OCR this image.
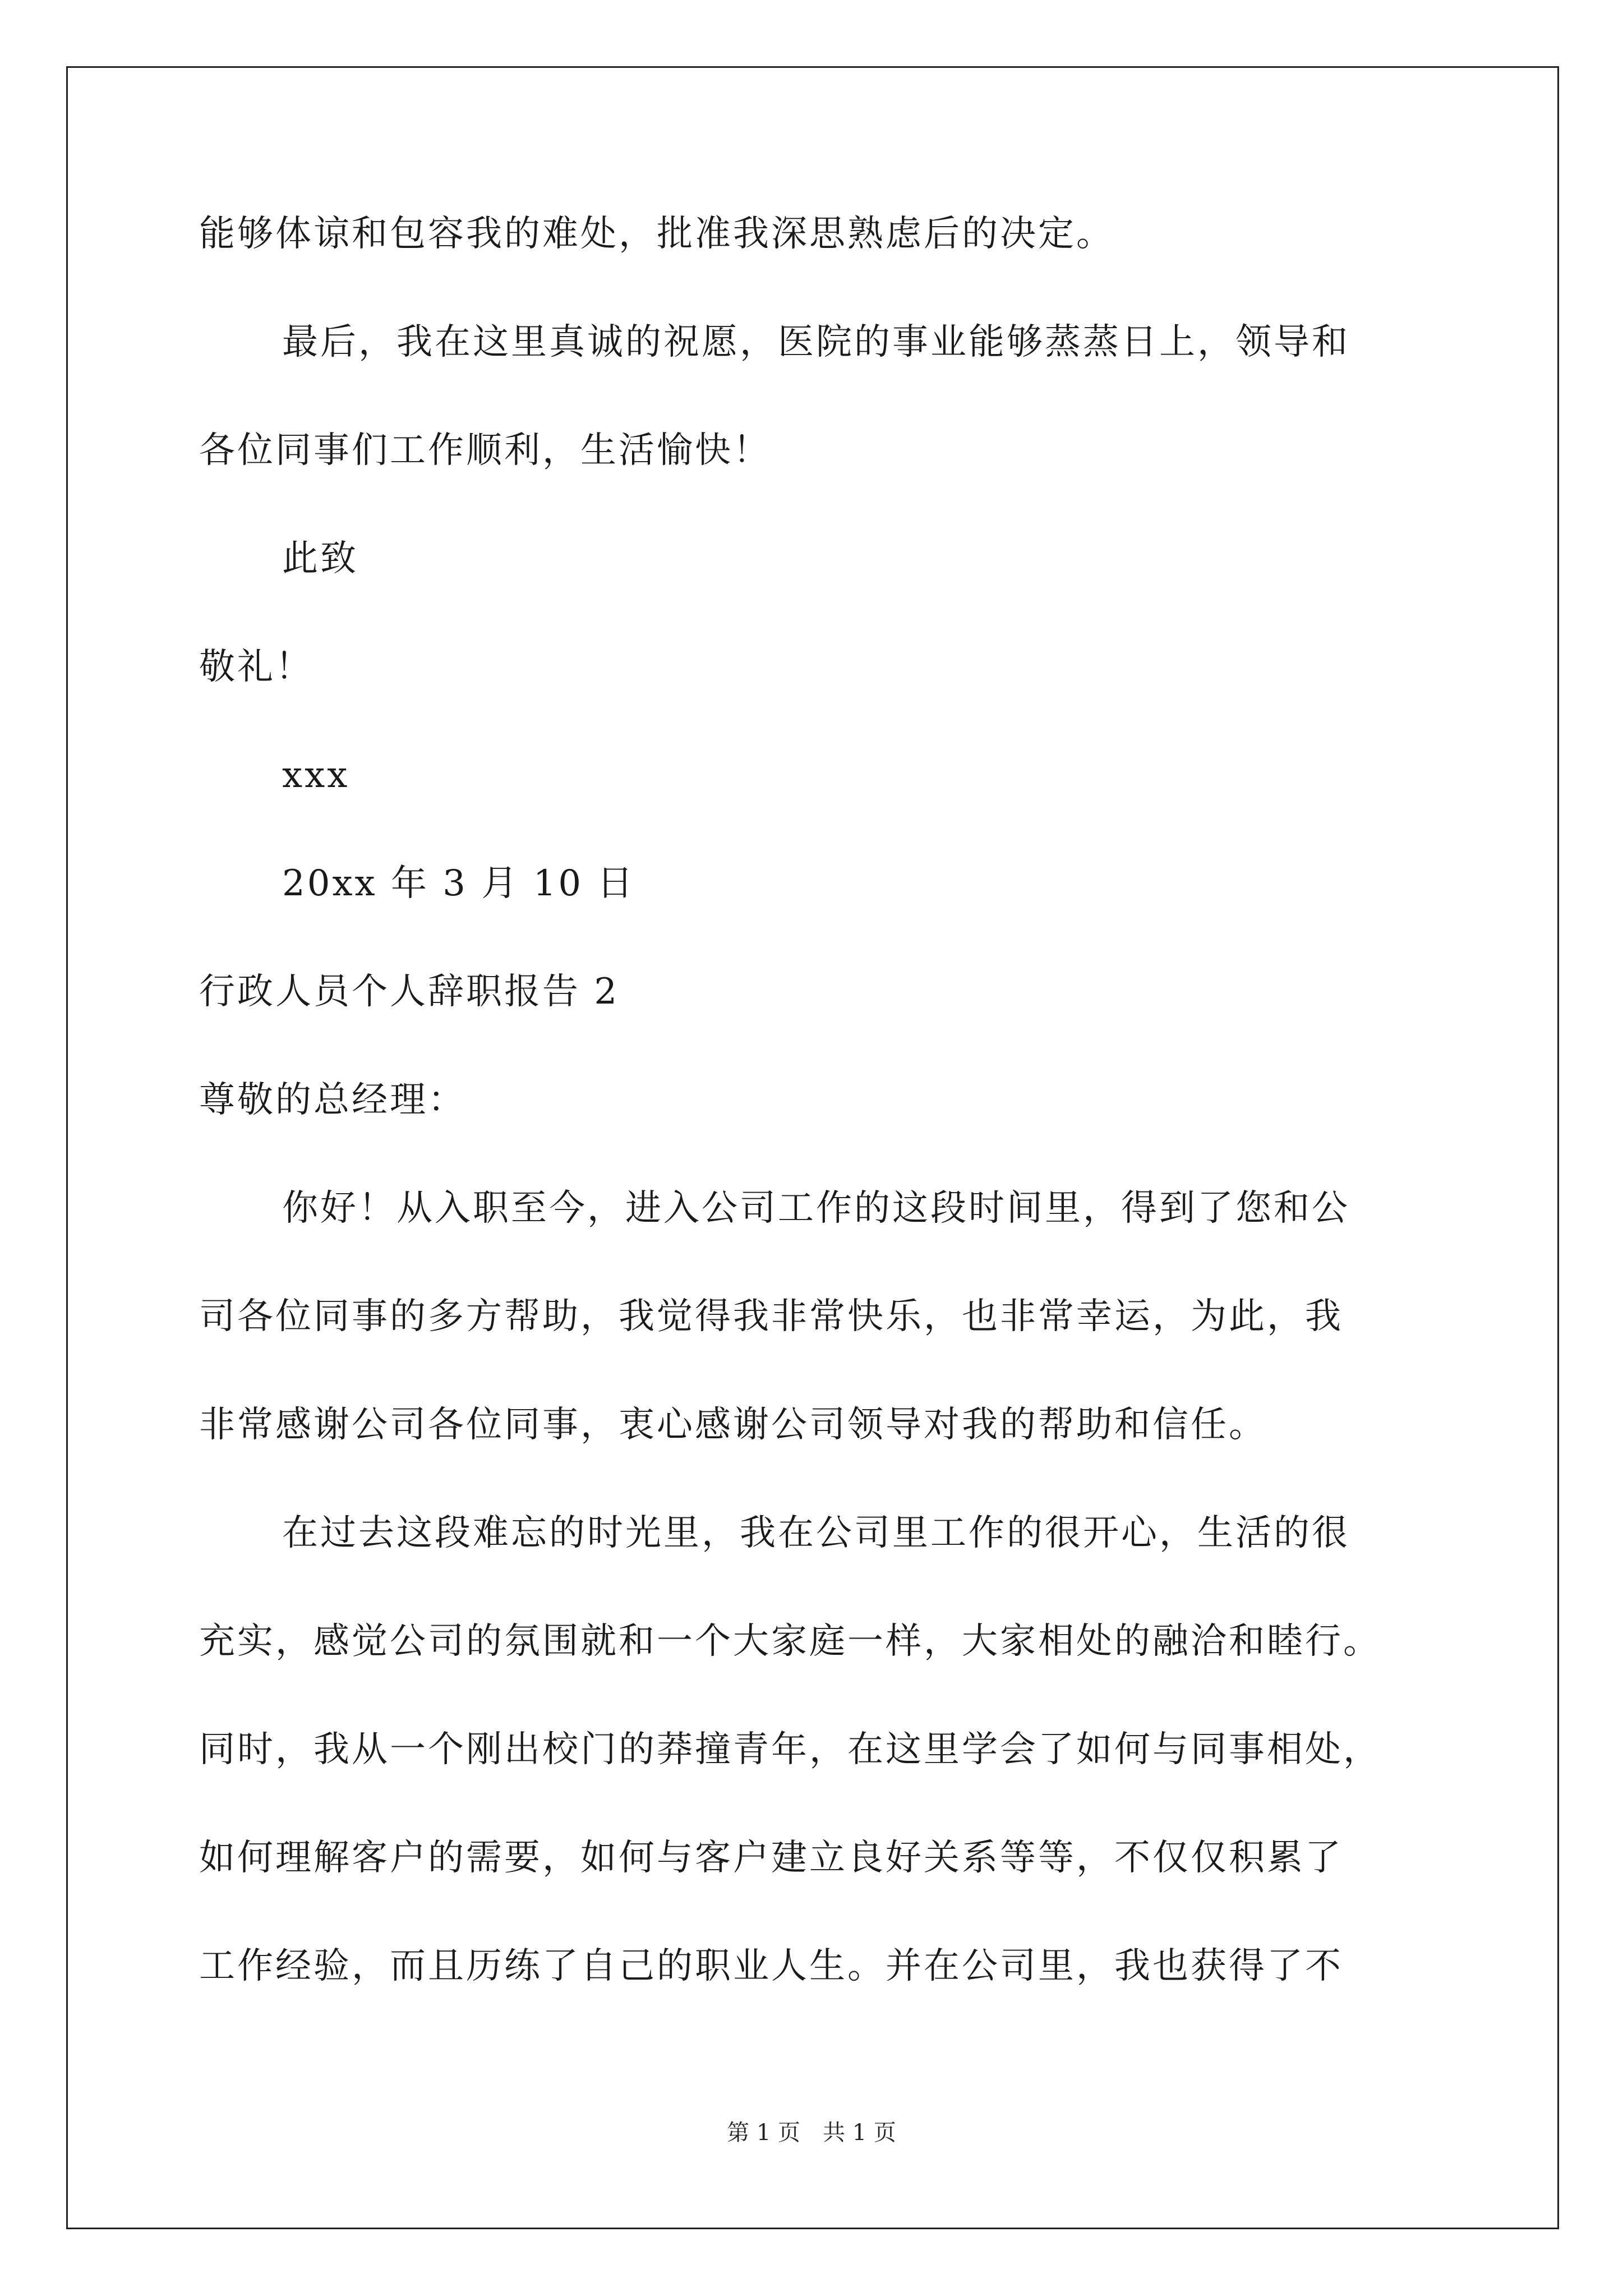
能够体谅和包容我的难处，批准我深思熟虑后的决定。

最后，我在这里真诚的祝愿，医院的事业能够蒸蒸日上，领导和

各位同事们工作顺利，生活愉快！

此致

敬礼！

xxx

20xx 年 3 月 10 日

行政人员个人辞职报告 2

尊敬的总经理：

你好！从入职至今，进入公司工作的这段时间里，得到了您和公

司各位同事的多方帮助，我觉得我非常快乐，也非常幸运，为此，我

非常感谢公司各位同事，衷心感谢公司领导对我的帮助和信任。

在过去这段难忘的时光里，我在公司里工作的很开心，生活的很

充实，感觉公司的氛围就和一个大家庭一样，大家相处的融洽和睦行。

同时，我从一个刚出校门的莽撞青年，在这里学会了如何与同事相处，

如何理解客户的需要，如何与客户建立良好关系等等，不仅仅积累了

工作经验，而且历练了自己的职业人生。并在公司里，我也获得了不

第 1 页 共 1 页
